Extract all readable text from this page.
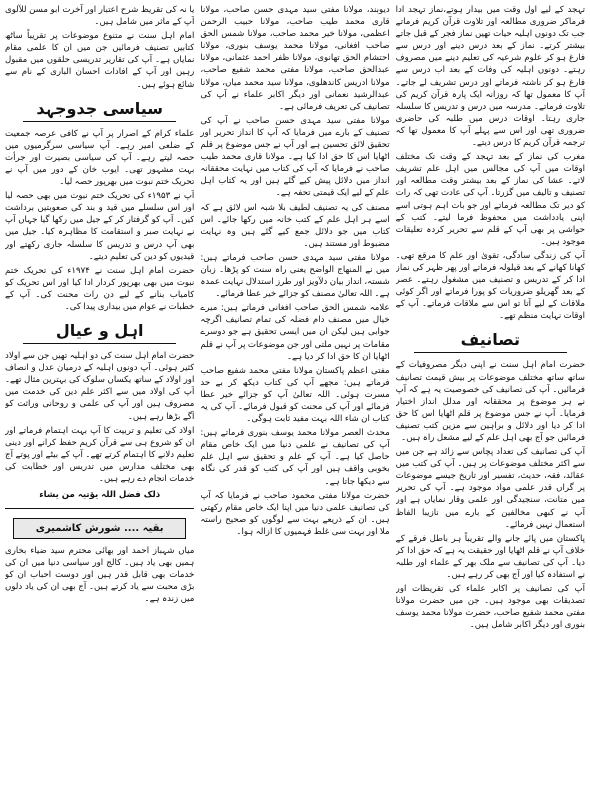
تہجد کے لیے اول وقت میں بیدار ہوتے،نماز تہجد ادا فرماکر ضروری مطالعہ اور تلاوت قرآن کریم فرماتے جب تک دونوں اہلیہ حیات تھیں نماز فجر کے قبل جاتے بیشتر کرتے۔ نماز کے بعد درس دینے اور درس سے فارغ ہو کر علوم شرعیہ کی تعلیم دینے میں مصروف رہتے۔ دونوں اہلیہ کی وفات کے بعد اب درس سے فارغ ہو کر ناشتہ فرماتے اور درس تشریف لے جاتے۔ آپ کا معمول تھا کہ روزانہ ایک پارہ قرآن کریم کی تلاوت فرماتے۔ مدرسہ میں درس و تدریس کا سلسلہ جاری رہتا۔ اوقات درس میں طلبہ کی حاضری ضروری تھی اور اس سے پہلے آپ کا معمول تھا کہ ترجمہ قرآن کریم کا درس دیتے۔

مغرب کی نماز کے بعد تہجد کے وقت تک مختلف اوقات میں آپ کی مجالس میں اہل علم تشریف لاتے۔ عشا کی نماز کے بعد بیشتر وقت مطالعہ اور تصنیف و تالیف میں گزرتا۔ آپ کی عادت تھی کہ رات کو دیر تک مطالعہ فرماتے اور جو بات اہم ہوتی اسے اپنی یادداشت میں محفوظ فرما لیتے۔ کتب کے حواشی پر بھی آپ کے قلم سے تحریر کردہ تعلیقات موجود ہیں۔

آپ کی زندگی سادگی، تقویٰ اور علم کا مرقع تھی۔ کھانا کھانے کے بعد قیلولہ فرماتے اور پھر ظہر کی نماز ادا کر کے تدریس و تصنیف میں مشغول رہتے۔ عصر کے بعد گھریلو ضروریات کو پورا فرماتے اور اگر کوئی ملاقات کے لیے آتا تو اس سے ملاقات فرماتے۔ آپ کے اوقات نہایت منظم تھے۔

تصانیف

حضرت امام اہل سنت نے اپنی دیگر مصروفیات کے ساتھ ساتھ مختلف موضوعات پر بیش قیمت تصانیف فرمائیں۔ آپ کی تصانیف کی خصوصیت یہ ہے کہ آپ نے ہر موضوع پر محققانہ اور مدلل انداز اختیار فرمایا۔ آپ نے جس موضوع پر قلم اٹھایا اس کا حق ادا کر دیا اور دلائل و براہین سے مزین کتب تصنیف فرمائیں جو آج بھی اہل علم کے لیے مشعل راہ ہیں۔

آپ کی تصانیف کی تعداد پچاس سے زائد ہے جن میں سے اکثر مختلف موضوعات پر ہیں۔ آپ کی کتب میں عقائد، فقہ، حدیث، تفسیر اور تاریخ جیسے موضوعات پر گراں قدر علمی مواد موجود ہے۔ آپ کی تحریر میں متانت، سنجیدگی اور علمی وقار نمایاں ہے اور آپ نے کبھی مخالفین کے بارے میں نازیبا الفاظ استعمال نہیں فرمائے۔

پاکستان میں پائے جانے والے تقریباً ہر باطل فرقے کے خلاف آپ نے قلم اٹھایا اور حقیقت یہ ہے کہ حق ادا کر دیا۔ آپ کی تصانیف سے ملک بھر کے علماء اور طلبہ نے استفادہ کیا اور آج بھی کر رہے ہیں۔

آپ کی تصانیف پر اکابر علماء کی تقریظات اور تصدیقات بھی موجود ہیں۔ جن میں حضرت مولانا مفتی محمد شفیع صاحب، حضرت مولانا محمد یوسف بنوری اور دیگر اکابر شامل ہیں۔

دیوبند، مولانا مفتی سید مہدی حسن صاحب، مولانا قاری محمد طیب صاحب، مولانا حبیب الرحمن اعظمی، مولانا خیر محمد صاحب، مولانا شمس الحق صاحب افغانی، مولانا محمد یوسف بنوری، مولانا احتشام الحق تھانوی، مولانا ظفر احمد عثمانی، مولانا عبدالحق صاحب، مولانا مفتی محمد شفیع صاحب، مولانا ادریس کاندھلوی، مولانا سید محمد میاں، مولانا عبدالرشید نعمانی اور دیگر اکابر علماء نے آپ کی تصانیف کی تعریف فرمائی ہے۔

مولانا مفتی سید مہدی حسن صاحب نے آپ کی تصنیف کے بارے میں فرمایا کہ آپ کا انداز تحریر اور تحقیق لائق تحسین ہے اور آپ نے جس موضوع پر قلم اٹھایا اس کا حق ادا کیا ہے۔ مولانا قاری محمد طیب صاحب نے فرمایا کہ آپ کی کتاب میں نہایت محققانہ انداز میں دلائل پیش کیے گئے ہیں اور یہ کتاب اہل علم کے لیے ایک قیمتی تحفہ ہے۔

مصنف کی یہ تصنیف لطیف بلا شبہ اس لائق ہے کہ اسے ہر اہل علم کے کتب خانہ میں رکھا جائے۔ اس کتاب میں جو دلائل جمع کیے گئے ہیں وہ نہایت مضبوط اور مستند ہیں۔

مولانا مفتی سید مہدی حسن صاحب فرماتے ہیں: میں نے المنهاج الواضح یعنی راہ سنت کو پڑھا۔ زبان شستہ، انداز بیان دلآویز اور طرز استدلال نہایت عمدہ ہے۔ اللہ تعالیٰ مصنف کو جزائے خیر عطا فرمائے۔

علامہ شمس الحق صاحب افغانی فرماتے ہیں: میرے خیال میں مصنف دام فضلہ کی تمام تصانیف اگرچہ جوابی ہیں لیکن ان میں ایسی تحقیق ہے جو دوسرے مقامات پر نہیں ملتی اور جن موضوعات پر آپ نے قلم اٹھایا ان کا حق ادا کر دیا ہے۔

مفتی اعظم پاکستان مولانا مفتی محمد شفیع صاحب فرماتے ہیں: مجھے آپ کی کتاب دیکھ کر بے حد مسرت ہوئی۔ اللہ تعالیٰ آپ کو جزائے خیر عطا فرمائے اور آپ کی محنت کو قبول فرمائے۔ آپ کی یہ کتاب ان شاء اللہ بہت مفید ثابت ہوگی۔

محدث العصر مولانا محمد یوسف بنوری فرماتے ہیں: آپ کی تصانیف نے علمی دنیا میں ایک خاص مقام حاصل کیا ہے۔ آپ کے علم و تحقیق سے اہل علم بخوبی واقف ہیں اور آپ کی کتب کو قدر کی نگاہ سے دیکھا جاتا ہے۔

حضرت مولانا مفتی محمود صاحب نے فرمایا کہ آپ کی تصانیف علمی دنیا میں اپنا ایک خاص مقام رکھتی ہیں۔ ان کے ذریعے بہت سے لوگوں کو صحیح راستہ ملا اور بہت سی غلط فہمیوں کا ازالہ ہوا۔

یا نہ کی تقریظ شرح اعتبار اور آخرت ابو مسن للآلوی آپ کے ماثر میں شامل ہیں۔

امام اہل سنت نے متنوع موضوعات پر تقریباً ساٹھ کتابیں تصنیف فرمائیں جن میں ان کا علمی مقام نمایاں ہے۔ آپ کی تقاریر تدریسی حلقوں میں مقبول رہیں اور آپ کے افادات احسان الباری کے نام سے شائع ہوئے ہیں۔

سیاسی جدوجہد

علماء کرام کے اصرار پر آپ نے کافی عرصہ جمعیت کے ضلعی امیر رہے۔ آپ سیاسی سرگرمیوں میں حصہ لیتے رہے۔ آپ کی سیاسی بصیرت اور جرأت بہت مشہور تھی۔ ایوب خان کے دور میں آپ نے تحریک ختم نبوت میں بھرپور حصہ لیا۔

آپ نے ۱۹۵۳ء کی تحریک ختم نبوت میں بھی حصہ لیا اور اس سلسلے میں قید و بند کی صعوبتیں برداشت کیں۔ آپ کو گرفتار کر کے جیل میں رکھا گیا جہاں آپ نے نہایت صبر و استقامت کا مظاہرہ کیا۔ جیل میں بھی آپ درس و تدریس کا سلسلہ جاری رکھتے اور قیدیوں کو دین کی تعلیم دیتے۔

حضرت امام اہل سنت نے ۱۹۷۴ء کی تحریک ختم نبوت میں بھی بھرپور کردار ادا کیا اور اس تحریک کو کامیاب بنانے کے لیے دن رات محنت کی۔ آپ کے خطبات نے عوام میں بیداری پیدا کی۔

اہل و عیال

حضرت امام اہل سنت کی دو اہلیہ تھیں جن سے اولاد کثیر ہوئی۔ آپ دونوں اہلیہ کے درمیان عدل و انصاف اور اولاد کے ساتھ یکساں سلوک کی بہترین مثال تھے۔ آپ کی اولاد میں سے اکثر علم دین کی خدمت میں مصروف ہیں اور آپ کی علمی و روحانی وراثت کو آگے بڑھا رہے ہیں۔

اولاد کی تعلیم و تربیت کا آپ بہت اہتمام فرماتے اور ان کو شروع ہی سے قرآن کریم حفظ کرانے اور دینی تعلیم دلانے کا اہتمام کرتے تھے۔ آپ کے بیٹے اور پوتے آج بھی مختلف مدارس میں تدریس اور خطابت کی خدمات انجام دے رہے ہیں۔

ذلک فضل اللہ یؤتیہ من یشاء
بقیہ .... شورش کاشمیری

میاں شہباز احمد اور بھائی محترم سید ضیاء بخاری ہمیں بھی یاد ہیں۔ کالج اور سیاسی دنیا میں ان کی خدمات بھی قابل قدر ہیں اور دوست احباب ان کو بڑی محبت سے یاد کرتے ہیں۔ آج بھی ان کی یاد دلوں میں زندہ ہے۔
